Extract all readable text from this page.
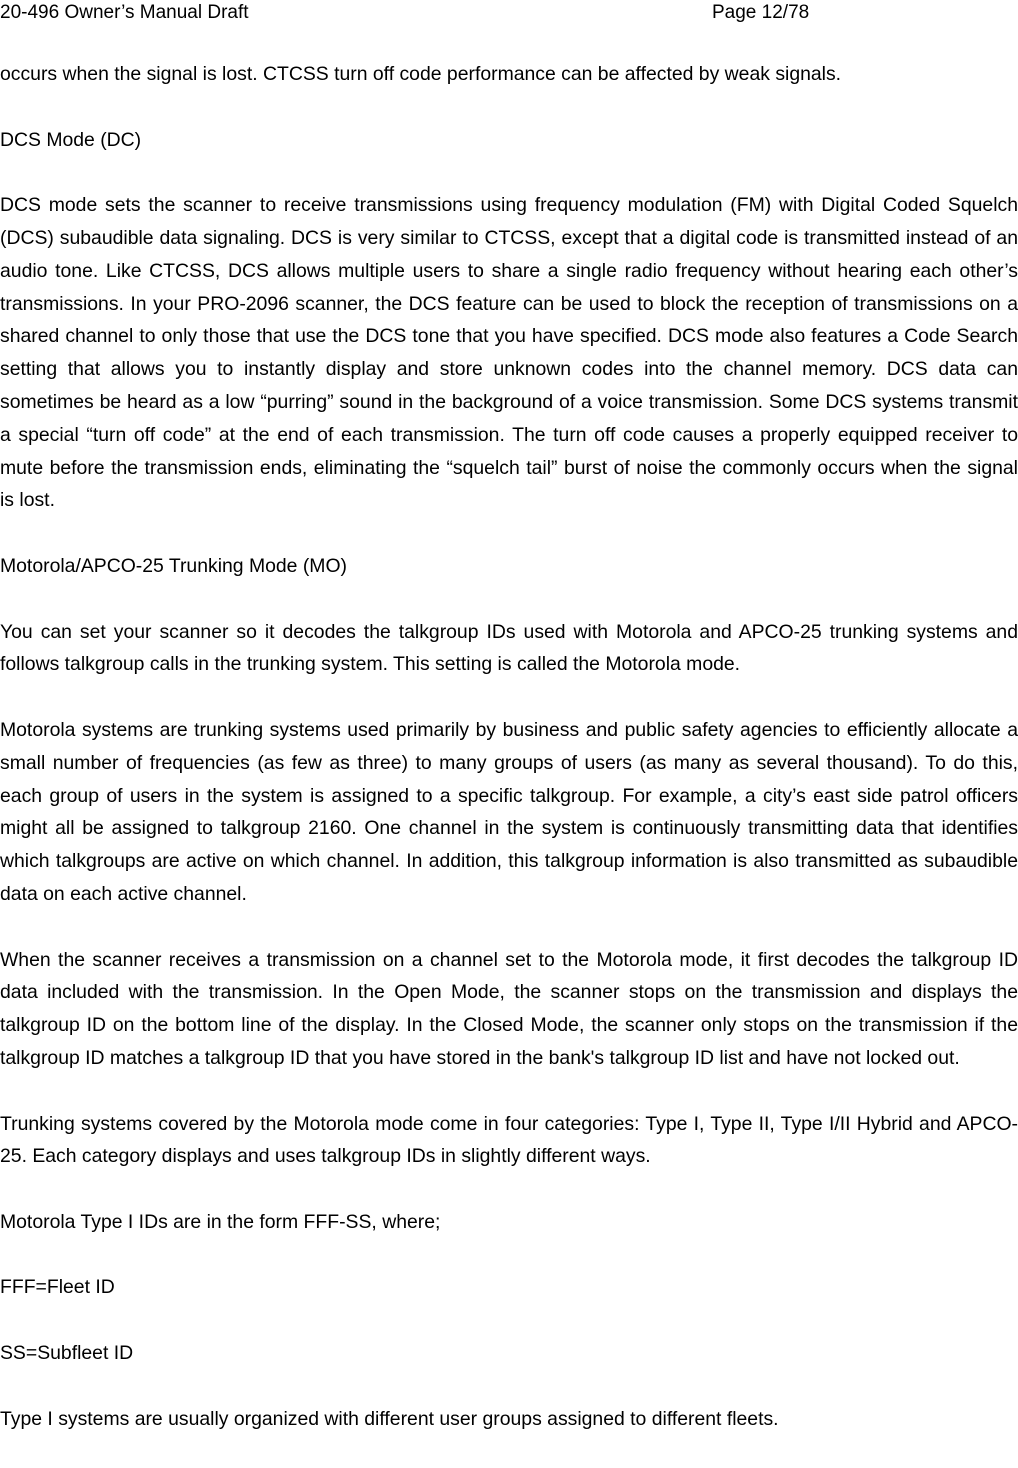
20-496 Owner’s Manual Draft	Page 12/78

occurs when the signal is lost. CTCSS turn off code performance can be affected by weak signals.

DCS Mode (DC)

DCS mode sets the scanner to receive transmissions using frequency modulation (FM) with Digital Coded Squelch (DCS) subaudible data signaling. DCS is very similar to CTCSS, except that a digital code is transmitted instead of an audio tone. Like CTCSS, DCS allows multiple users to share a single radio frequency without hearing each other’s transmissions. In your PRO-2096 scanner, the DCS feature can be used to block the reception of transmissions on a shared channel to only those that use the DCS tone that you have specified. DCS mode also features a Code Search setting that allows you to instantly display and store unknown codes into the channel memory. DCS data can sometimes be heard as a low “purring” sound in the background of a voice transmission. Some DCS systems transmit a special “turn off code” at the end of each transmission. The turn off code causes a properly equipped receiver to mute before the transmission ends, eliminating the “squelch tail” burst of noise the commonly occurs when the signal is lost.

Motorola/APCO-25 Trunking Mode (MO)

You can set your scanner so it decodes the talkgroup IDs used with Motorola and APCO-25 trunking systems and follows talkgroup calls in the trunking system. This setting is called the Motorola mode.

Motorola systems are trunking systems used primarily by business and public safety agencies to efficiently allocate a small number of frequencies (as few as three) to many groups of users (as many as several thousand). To do this, each group of users in the system is assigned to a specific talkgroup. For example, a city’s east side patrol officers might all be assigned to talkgroup 2160. One channel in the system is continuously transmitting data that identifies which talkgroups are active on which channel. In addition, this talkgroup information is also transmitted as subaudible data on each active channel.

When the scanner receives a transmission on a channel set to the Motorola mode, it first decodes the talkgroup ID data included with the transmission. In the Open Mode, the scanner stops on the transmission and displays the talkgroup ID on the bottom line of the display. In the Closed Mode, the scanner only stops on the transmission if the talkgroup ID matches a talkgroup ID that you have stored in the bank's talkgroup ID list and have not locked out.

Trunking systems covered by the Motorola mode come in four categories: Type I, Type II, Type I/II Hybrid and APCO-25. Each category displays and uses talkgroup IDs in slightly different ways.

Motorola Type I IDs are in the form FFF-SS, where;

FFF=Fleet ID

SS=Subfleet ID

Type I systems are usually organized with different user groups assigned to different fleets.
